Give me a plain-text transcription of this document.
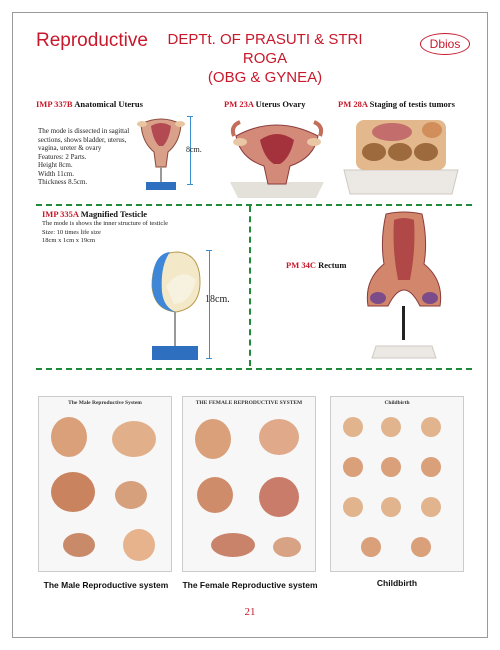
Reproductive	DEPTt. OF PRASUTI & STRI ROGA
(OBG & GYNEA)
Dbios
IMP 337B Anatomical Uterus	PM 23A Uterus Ovary	PM 28A Staging of testis tumors
The mode is dissected in sagittal
sections, shows bladder, uterus,
vagina, ureter & ovary
Features: 2 Parts.
Height 8cm.
Width 11cm.
Thickness 8.5cm.
8cm.
IMP 335A Magnified Testicle
The mode is shows the inner structure of testicle
Size: 10 times life size
18cm x 1cm x 19cm
18cm.
PM 34C Rectum
The Male Reproductive System	THE FEMALE REPRODUCTIVE SYSTEM	Childbirth
The Male Reproductive system	The Female Reproductive system	Childbirth
21
